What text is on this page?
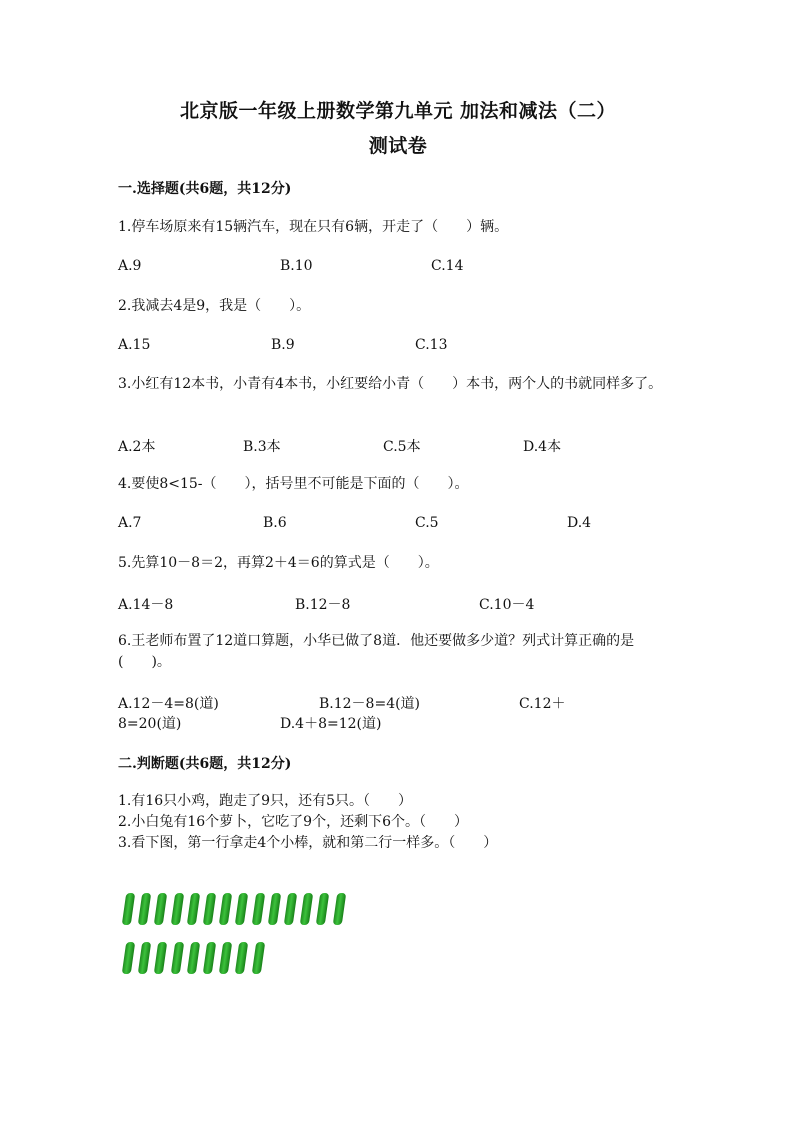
北京版一年级上册数学第九单元 加法和减法（二）
测试卷
一.选择题(共6题，共12分)
1.停车场原来有15辆汽车，现在只有6辆，开走了（　　）辆。
A.9	B.10	C.14
2.我减去4是9，我是（　　）。
A.15	B.9	C.13
3.小红有12本书，小青有4本书，小红要给小青（　　）本书，两个人的书就同样多了。
A.2本	B.3本	C.5本	D.4本
4.要使8<15-（　　），括号里不可能是下面的（　　）。
A.7	B.6	C.5	D.4
5.先算10－8＝2，再算2＋4＝6的算式是（　　）。
A.14－8	B.12－8	C.10－4
6.王老师布置了12道口算题，小华已做了8道．他还要做多少道？列式计算正确的是(　　)。
A.12－4=8(道)	B.12－8=4(道)	C.12＋
8=20(道)	D.4＋8=12(道)
二.判断题(共6题，共12分)
1.有16只小鸡，跑走了9只，还有5只。（　　）
2.小白兔有16个萝卜，它吃了9个，还剩下6个。（　　）
3.看下图，第一行拿走4个小棒，就和第二行一样多。（　　）
